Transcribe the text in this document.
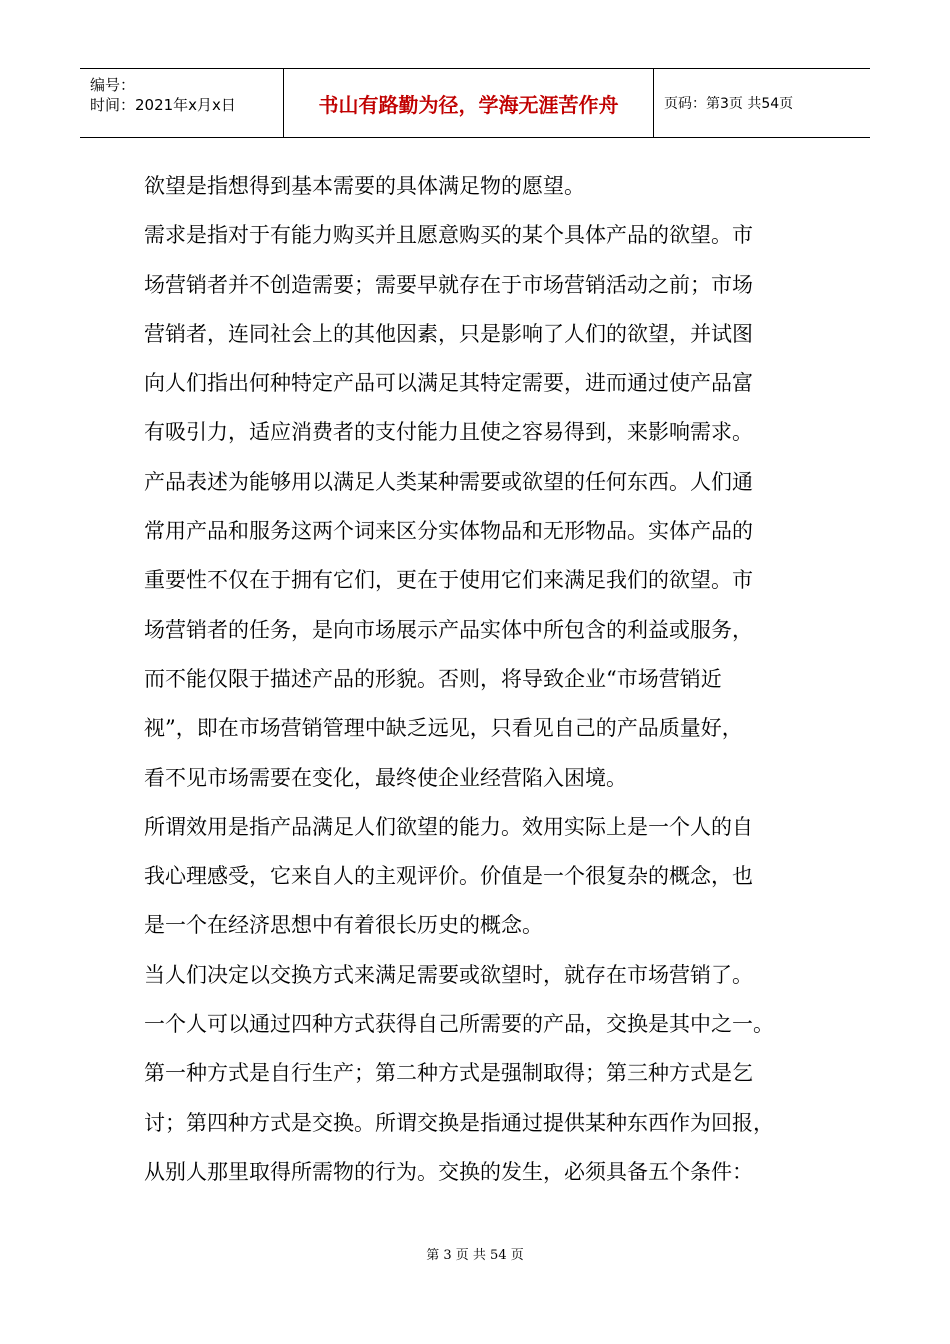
编号：
时间：2021年x月x日	书山有路勤为径，学海无涯苦作舟	页码：第3页 共54页
欲望是指想得到基本需要的具体满足物的愿望。
需求是指对于有能力购买并且愿意购买的某个具体产品的欲望。市
场营销者并不创造需要；需要早就存在于市场营销活动之前；市场
营销者，连同社会上的其他因素，只是影响了人们的欲望，并试图
向人们指出何种特定产品可以满足其特定需要，进而通过使产品富
有吸引力，适应消费者的支付能力且使之容易得到，来影响需求。
产品表述为能够用以满足人类某种需要或欲望的任何东西。人们通
常用产品和服务这两个词来区分实体物品和无形物品。实体产品的
重要性不仅在于拥有它们，更在于使用它们来满足我们的欲望。市
场营销者的任务，是向市场展示产品实体中所包含的利益或服务，
而不能仅限于描述产品的形貌。否则，将导致企业“市场营销近
视”，即在市场营销管理中缺乏远见，只看见自己的产品质量好，
看不见市场需要在变化，最终使企业经营陷入困境。
所谓效用是指产品满足人们欲望的能力。效用实际上是一个人的自
我心理感受，它来自人的主观评价。价值是一个很复杂的概念，也
是一个在经济思想中有着很长历史的概念。
当人们决定以交换方式来满足需要或欲望时，就存在市场营销了。
一个人可以通过四种方式获得自己所需要的产品，交换是其中之一。
第一种方式是自行生产；第二种方式是强制取得；第三种方式是乞
讨；第四种方式是交换。所谓交换是指通过提供某种东西作为回报，
从别人那里取得所需物的行为。交换的发生，必须具备五个条件：
第 3 页 共 54 页
